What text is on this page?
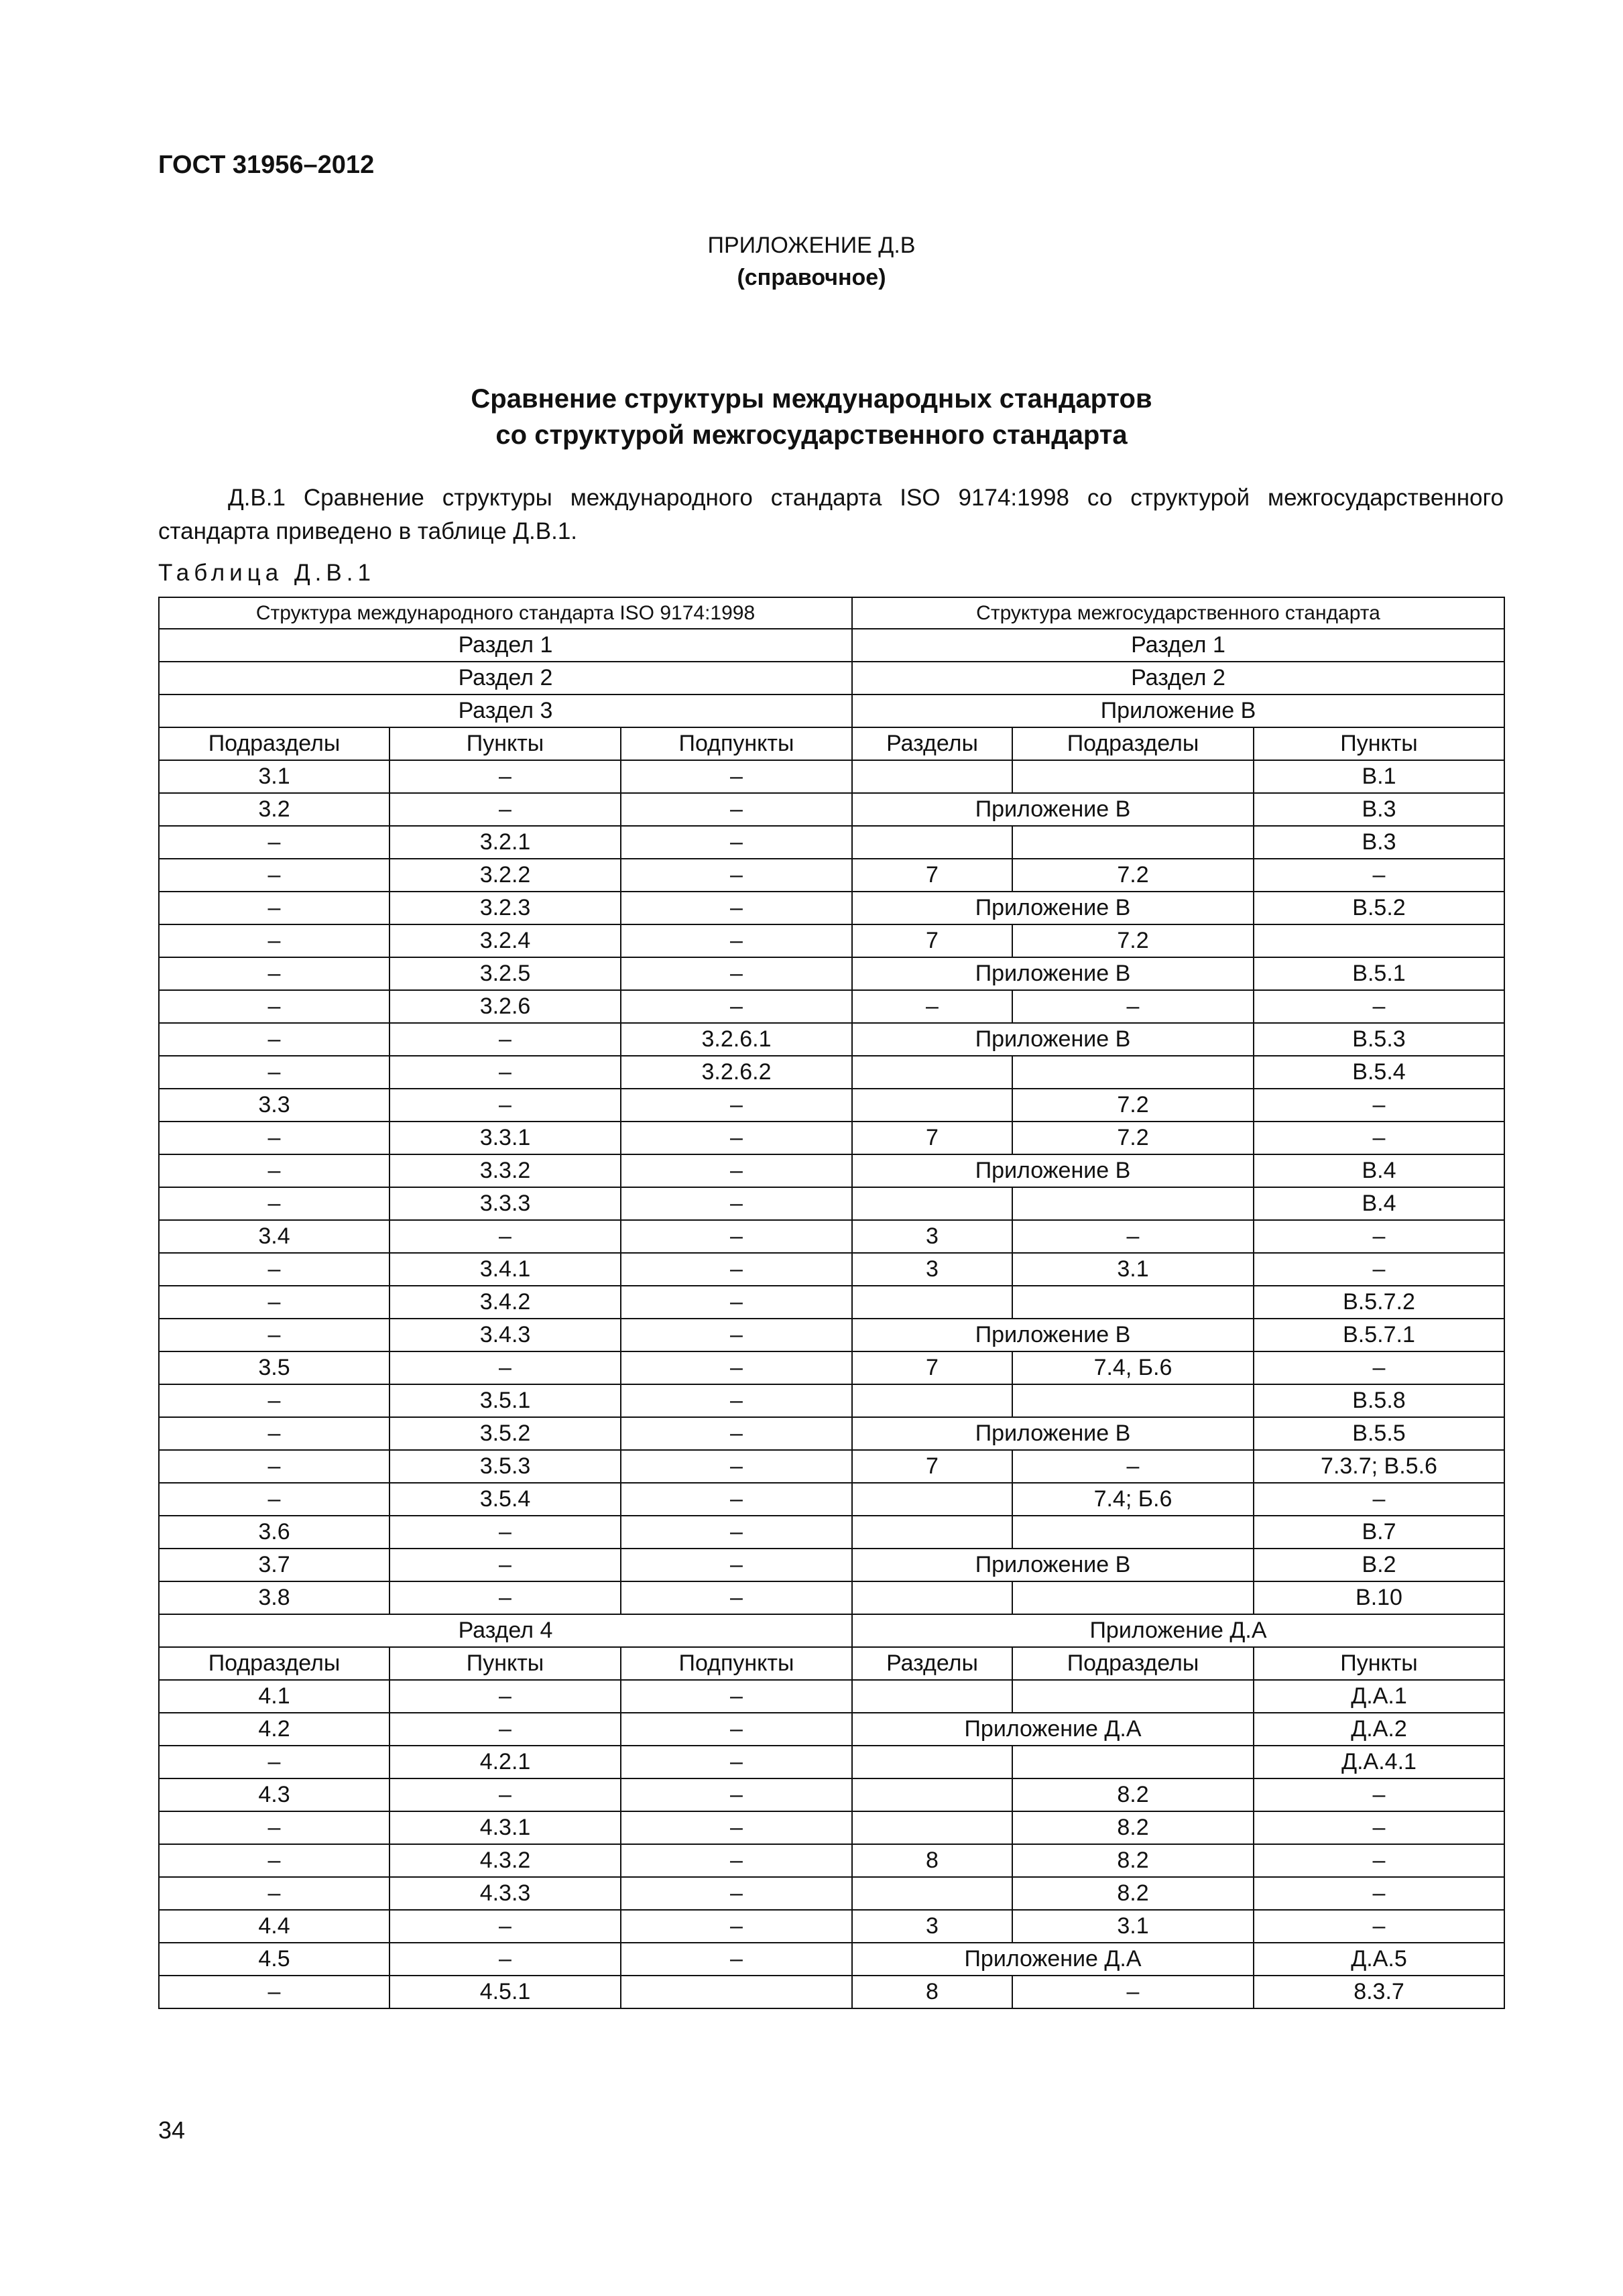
ГОСТ 31956–2012
ПРИЛОЖЕНИЕ Д.В
(справочное)
Сравнение структуры международных стандартов
со структурой межгосударственного стандарта
Д.В.1 Сравнение структуры международного стандарта ISO 9174:1998 со структурой межгосударственного стандарта приведено в таблице Д.В.1.
Таблица Д.В.1
Структура международного стандарта ISO 9174:1998			Структура межгосударственного стандарта		
Раздел 1			Раздел 1		
Раздел 2			Раздел 2		
Раздел 3			Приложение В		
Подразделы	Пункты	Подпункты	Разделы	Подразделы	Пункты
3.1	–	–			В.1
3.2	–	–	Приложение В		В.3
–	3.2.1	–			В.3
–	3.2.2	–	7	7.2	–
–	3.2.3	–	Приложение В		В.5.2
–	3.2.4	–	7	7.2	
–	3.2.5	–	Приложение В		В.5.1
–	3.2.6	–	–	–	–
–	–	3.2.6.1	Приложение В		В.5.3
–	–	3.2.6.2			В.5.4
3.3	–	–		7.2	–
–	3.3.1	–	7	7.2	–
–	3.3.2	–	Приложение В		В.4
–	3.3.3	–			В.4
3.4	–	–	3	–	–
–	3.4.1	–	3	3.1	–
–	3.4.2	–			В.5.7.2
–	3.4.3	–	Приложение В		В.5.7.1
3.5	–	–	7	7.4, Б.6	–
–	3.5.1	–			В.5.8
–	3.5.2	–	Приложение В		В.5.5
–	3.5.3	–	7	–	7.3.7; В.5.6
–	3.5.4	–		7.4; Б.6	–
3.6	–	–			В.7
3.7	–	–	Приложение В		В.2
3.8	–	–			В.10
Раздел 4			Приложение Д.А		
Подразделы	Пункты	Подпункты	Разделы	Подразделы	Пункты
4.1	–	–			Д.А.1
4.2	–	–	Приложение Д.А		Д.А.2
–	4.2.1	–			Д.А.4.1
4.3	–	–		8.2	–
–	4.3.1	–		8.2	–
–	4.3.2	–	8	8.2	–
–	4.3.3	–		8.2	–
4.4	–	–	3	3.1	–
4.5	–	–	Приложение Д.А		Д.А.5
–	4.5.1		8	–	8.3.7
34
